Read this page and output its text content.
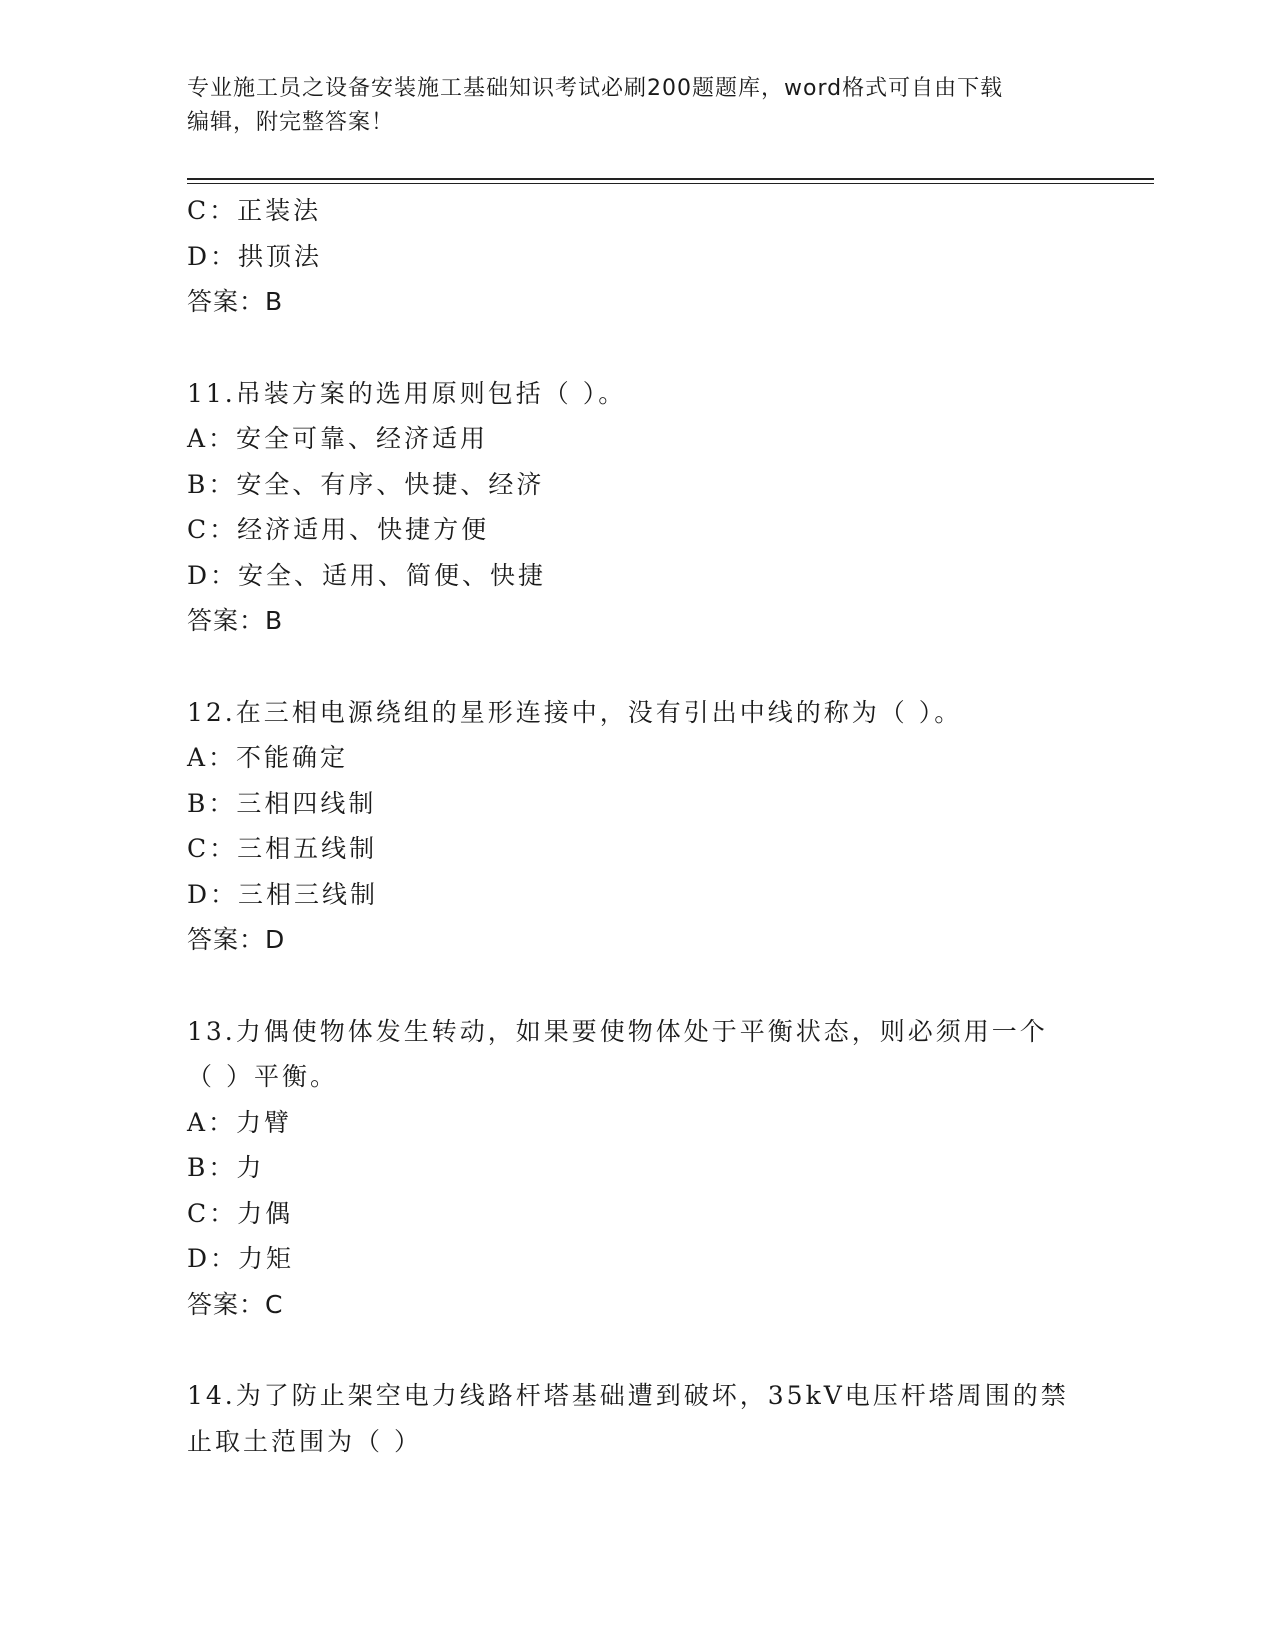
专业施工员之设备安装施工基础知识考试必刷200题题库，word格式可自由下载
编辑，附完整答案！
C：正装法
D：拱顶法
答案：B
11.吊装方案的选用原则包括（ ）。
A：安全可靠、经济适用
B：安全、有序、快捷、经济
C：经济适用、快捷方便
D：安全、适用、简便、快捷
答案：B
12.在三相电源绕组的星形连接中，没有引出中线的称为（ ）。
A：不能确定
B：三相四线制
C：三相五线制
D：三相三线制
答案：D
13.力偶使物体发生转动，如果要使物体处于平衡状态，则必须用一个
（ ）平衡。
A：力臂
B：力
C：力偶
D：力矩
答案：C
14.为了防止架空电力线路杆塔基础遭到破坏，35kV电压杆塔周围的禁
止取土范围为（ ）
